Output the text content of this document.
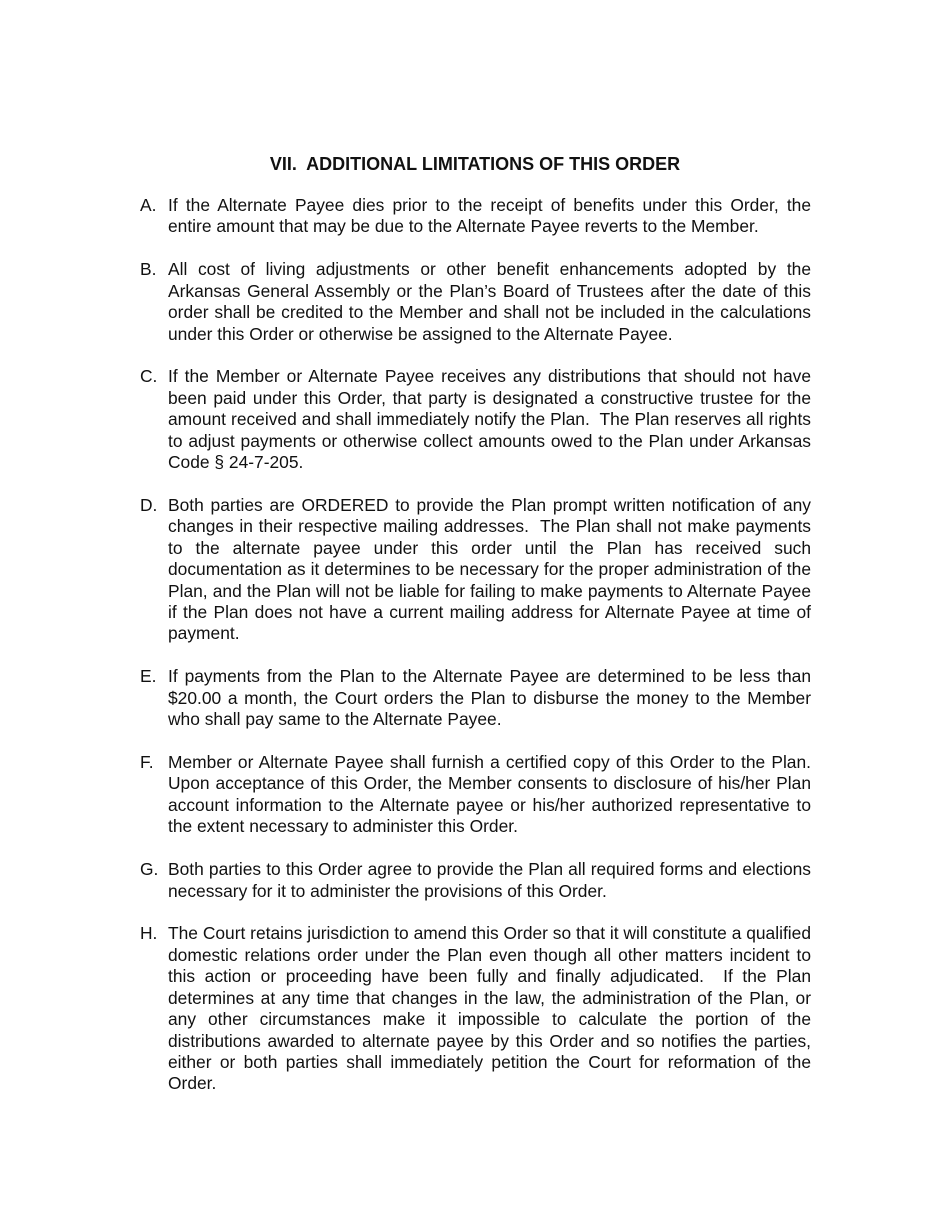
VII.  ADDITIONAL LIMITATIONS OF THIS ORDER
A. If the Alternate Payee dies prior to the receipt of benefits under this Order, the entire amount that may be due to the Alternate Payee reverts to the Member.
B. All cost of living adjustments or other benefit enhancements adopted by the Arkansas General Assembly or the Plan’s Board of Trustees after the date of this order shall be credited to the Member and shall not be included in the calculations under this Order or otherwise be assigned to the Alternate Payee.
C. If the Member or Alternate Payee receives any distributions that should not have been paid under this Order, that party is designated a constructive trustee for the amount received and shall immediately notify the Plan.  The Plan reserves all rights to adjust payments or otherwise collect amounts owed to the Plan under Arkansas Code § 24-7-205.
D. Both parties are ORDERED to provide the Plan prompt written notification of any changes in their respective mailing addresses.  The Plan shall not make payments to the alternate payee under this order until the Plan has received such documentation as it determines to be necessary for the proper administration of the Plan, and the Plan will not be liable for failing to make payments to Alternate Payee if the Plan does not have a current mailing address for Alternate Payee at time of payment.
E. If payments from the Plan to the Alternate Payee are determined to be less than $20.00 a month, the Court orders the Plan to disburse the money to the Member who shall pay same to the Alternate Payee.
F. Member or Alternate Payee shall furnish a certified copy of this Order to the Plan.  Upon acceptance of this Order, the Member consents to disclosure of his/her Plan account information to the Alternate payee or his/her authorized representative to the extent necessary to administer this Order.
G. Both parties to this Order agree to provide the Plan all required forms and elections necessary for it to administer the provisions of this Order.
H. The Court retains jurisdiction to amend this Order so that it will constitute a qualified domestic relations order under the Plan even though all other matters incident to this action or proceeding have been fully and finally adjudicated.  If the Plan determines at any time that changes in the law, the administration of the Plan, or any other circumstances make it impossible to calculate the portion of the distributions awarded to alternate payee by this Order and so notifies the parties, either or both parties shall immediately petition the Court for reformation of the Order.
